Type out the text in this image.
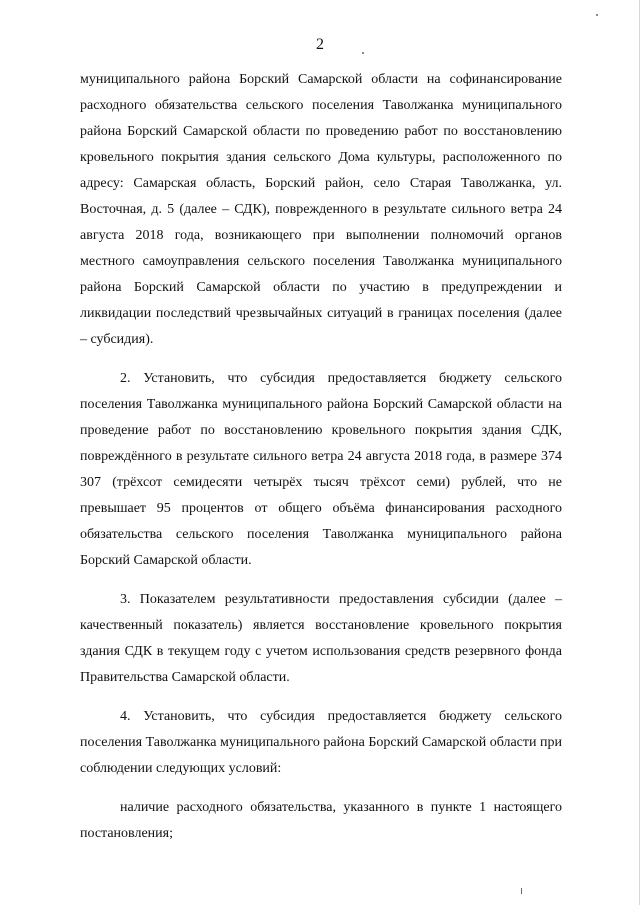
2

муниципального района Борский Самарской области на софинансирование расходного обязательства сельского поселения Таволжанка муниципального района Борский Самарской области по проведению работ по восстановлению кровельного покрытия здания сельского Дома культуры, расположенного по адресу: Самарская область, Борский район, село Старая Таволжанка, ул. Восточная, д. 5 (далее – СДК), поврежденного в результате сильного ветра 24 августа 2018 года, возникающего при выполнении полномочий органов местного самоуправления сельского поселения Таволжанка муниципального района Борский Самарской области по участию в предупреждении и ликвидации последствий чрезвычайных ситуаций в границах поселения (далее – субсидия).

2. Установить, что субсидия предоставляется бюджету сельского поселения Таволжанка муниципального района Борский Самарской области на проведение работ по восстановлению кровельного покрытия здания СДК, повреждённого в результате сильного ветра 24 августа 2018 года, в размере 374 307 (трёхсот семидесяти четырёх тысяч трёхсот семи) рублей, что не превышает 95 процентов от общего объёма финансирования расходного обязательства сельского поселения Таволжанка муниципального района Борский Самарской области.

3. Показателем результативности предоставления субсидии (далее – качественный показатель) является восстановление кровельного покрытия здания СДК в текущем году с учетом использования средств резервного фонда Правительства Самарской области.

4. Установить, что субсидия предоставляется бюджету сельского поселения Таволжанка муниципального района Борский Самарской области при соблюдении следующих условий:

наличие расходного обязательства, указанного в пункте 1 настоящего постановления;
